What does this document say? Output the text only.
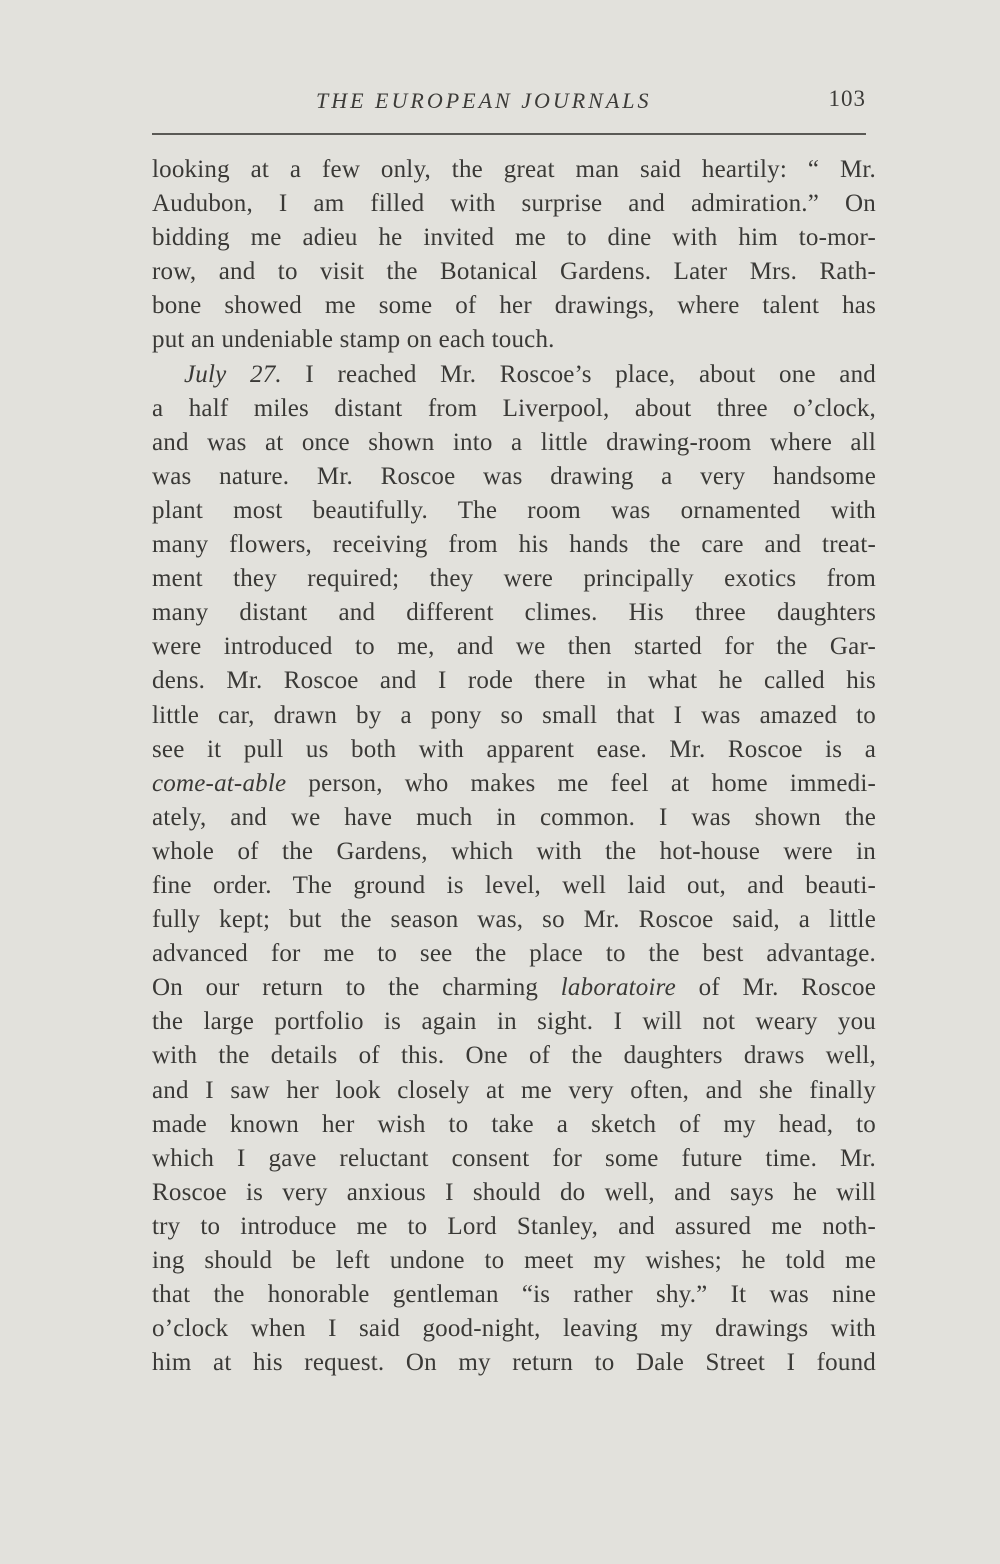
THE EUROPEAN JOURNALS	103
looking at a few only, the great man said heartily: “ Mr.
Audubon, I am filled with surprise and admiration.” On
bidding me adieu he invited me to dine with him to-mor-
row, and to visit the Botanical Gardens. Later Mrs. Rath-
bone showed me some of her drawings, where talent has
put an undeniable stamp on each touch.
July 27. I reached Mr. Roscoe’s place, about one and
a half miles distant from Liverpool, about three o’clock,
and was at once shown into a little drawing-room where all
was nature. Mr. Roscoe was drawing a very handsome
plant most beautifully. The room was ornamented with
many flowers, receiving from his hands the care and treat-
ment they required; they were principally exotics from
many distant and different climes. His three daughters
were introduced to me, and we then started for the Gar-
dens. Mr. Roscoe and I rode there in what he called his
little car, drawn by a pony so small that I was amazed to
see it pull us both with apparent ease. Mr. Roscoe is a
come-at-able person, who makes me feel at home immedi-
ately, and we have much in common. I was shown the
whole of the Gardens, which with the hot-house were in
fine order. The ground is level, well laid out, and beauti-
fully kept; but the season was, so Mr. Roscoe said, a little
advanced for me to see the place to the best advantage.
On our return to the charming laboratoire of Mr. Roscoe
the large portfolio is again in sight. I will not weary you
with the details of this. One of the daughters draws well,
and I saw her look closely at me very often, and she finally
made known her wish to take a sketch of my head, to
which I gave reluctant consent for some future time. Mr.
Roscoe is very anxious I should do well, and says he will
try to introduce me to Lord Stanley, and assured me noth-
ing should be left undone to meet my wishes; he told me
that the honorable gentleman “is rather shy.” It was nine
o’clock when I said good-night, leaving my drawings with
him at his request. On my return to Dale Street I found
